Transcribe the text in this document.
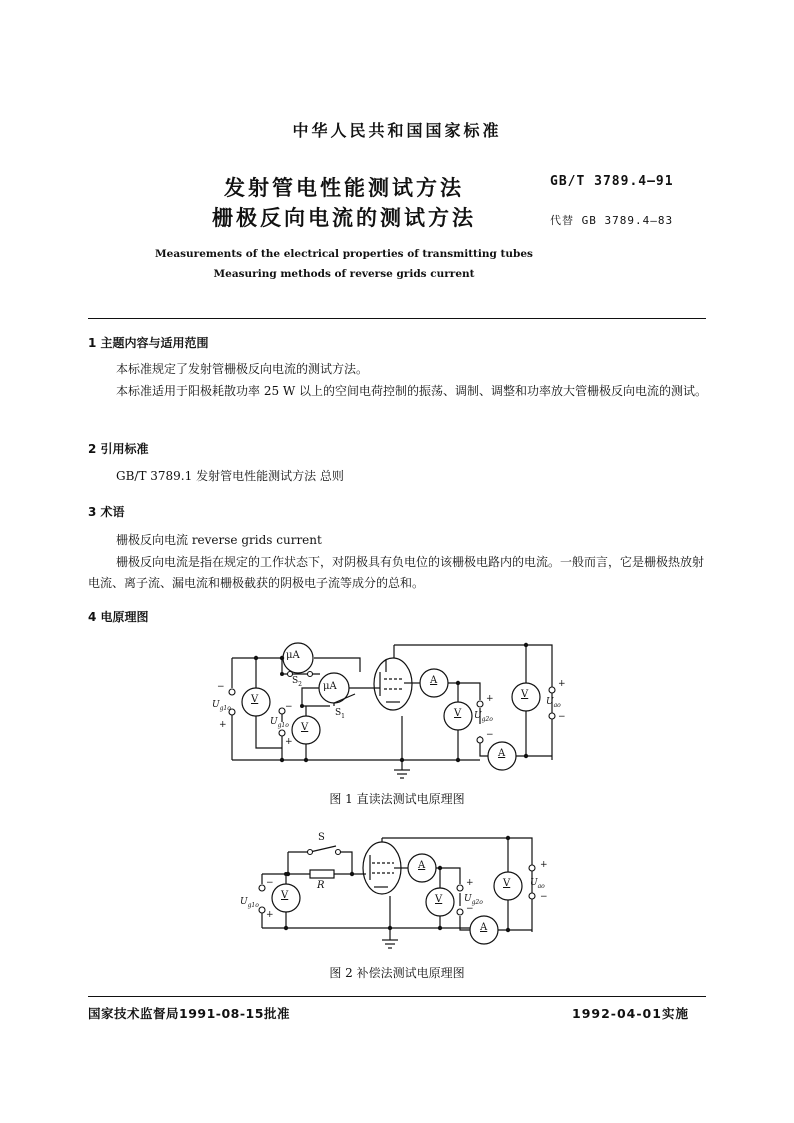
中华人民共和国国家标准
发射管电性能测试方法
栅极反向电流的测试方法
GB/T 3789.4—91
代替 GB 3789.4—83
Measurements of the electrical properties of transmitting tubes
Measuring methods of reverse grids current
1 主题内容与适用范围
本标准规定了发射管栅极反向电流的测试方法。
本标准适用于阳极耗散功率 25 W 以上的空间电荷控制的振荡、调制、调整和功率放大管栅极反向电流的测试。
2 引用标准
GB/T 3789.1 发射管电性能测试方法 总则
3 术语
栅极反向电流 reverse grids current
栅极反向电流是指在规定的工作状态下，对阴极具有负电位的该栅极电路内的电流。一般而言，它是栅极热放射电流、离子流、漏电流和栅极截获的阴极电子流等成分的总和。
4 电原理图
μA
μA
V
V
A
V
A
V
$S_2$
$S_1$
$U_{g1o}$
$U_{g1o}$
$U_{g2o}$
$U_{ao}$
−
+
−
+
+
−
+
−
图 1 直读法测试电原理图
S
R
V
A
V
A
V
$U_{g1o}$
$U_{g2o}$
$U_{ao}$
−
+
+
−
+
−
图 2 补偿法测试电原理图
国家技术监督局1991-08-15批准	1992-04-01实施
